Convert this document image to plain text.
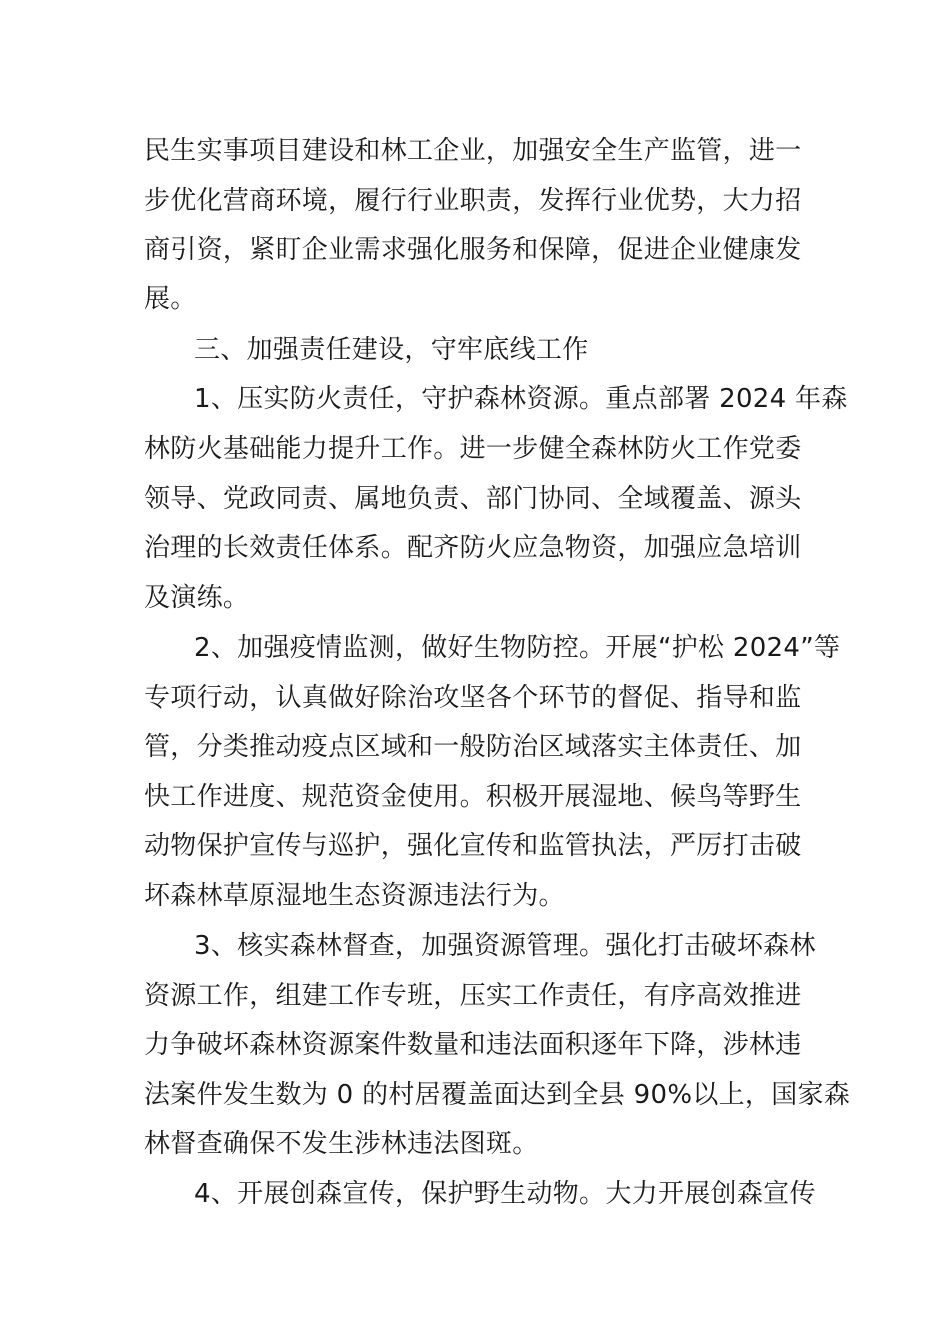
民生实事项目建设和林工企业，加强安全生产监管，进一
步优化营商环境，履行行业职责，发挥行业优势，大力招
商引资，紧盯企业需求强化服务和保障，促进企业健康发
展。
三、加强责任建设，守牢底线工作
1、压实防火责任，守护森林资源。重点部署 2024 年森
林防火基础能力提升工作。进一步健全森林防火工作党委
领导、党政同责、属地负责、部门协同、全域覆盖、源头
治理的长效责任体系。配齐防火应急物资，加强应急培训
及演练。
2、加强疫情监测，做好生物防控。开展“护松 2024”等
专项行动，认真做好除治攻坚各个环节的督促、指导和监
管，分类推动疫点区域和一般防治区域落实主体责任、加
快工作进度、规范资金使用。积极开展湿地、候鸟等野生
动物保护宣传与巡护，强化宣传和监管执法，严厉打击破
坏森林草原湿地生态资源违法行为。
3、核实森林督查，加强资源管理。强化打击破坏森林
资源工作，组建工作专班，压实工作责任，有序高效推进
力争破坏森林资源案件数量和违法面积逐年下降，涉林违
法案件发生数为 0 的村居覆盖面达到全县 90%以上，国家森
林督查确保不发生涉林违法图斑。
4、开展创森宣传，保护野生动物。大力开展创森宣传
